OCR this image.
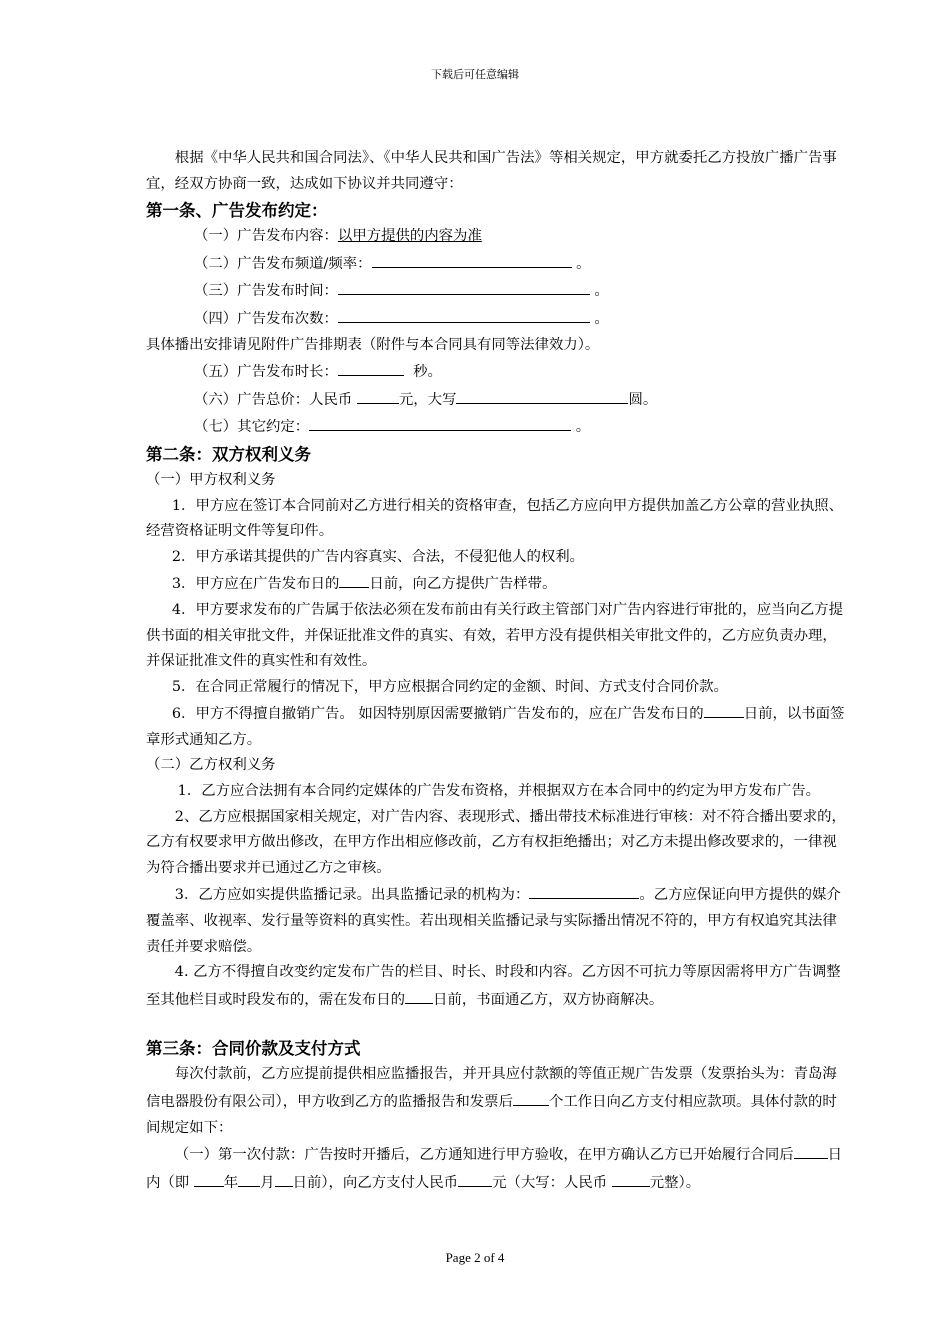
下载后可任意编辑

根据《中华人民共和国合同法》、《中华人民共和国广告法》等相关规定，甲方就委托乙方投放广播广告事宜，经双方协商一致，达成如下协议并共同遵守：

第一条、广告发布约定：

（一）广告发布内容：以甲方提供的内容为准

（二）广告发布频道/频率：	。

（三）广告发布时间：	。

（四）广告发布次数：	。

具体播出安排请见附件广告排期表（附件与本合同具有同等法律效力）。

（五）广告发布时长：	秒。

（六）广告总价：人民币	元，大写	圆。

（七）其它约定：	。

第二条：双方权利义务

（一）甲方权利义务

1．甲方应在签订本合同前对乙方进行相关的资格审查，包括乙方应向甲方提供加盖乙方公章的营业执照、经营资格证明文件等复印件。

2．甲方承诺其提供的广告内容真实、合法，不侵犯他人的权利。

3．甲方应在广告发布日的 日前，向乙方提供广告样带。

4．甲方要求发布的广告属于依法必须在发布前由有关行政主管部门对广告内容进行审批的，应当向乙方提供书面的相关审批文件，并保证批准文件的真实、有效，若甲方没有提供相关审批文件的，乙方应负责办理，并保证批准文件的真实性和有效性。

5．在合同正常履行的情况下，甲方应根据合同约定的金额、时间、方式支付合同价款。

6．甲方不得擅自撤销广告。 如因特别原因需要撤销广告发布的，应在广告发布日的	日前，以书面签章形式通知乙方。

（二）乙方权利义务

1．乙方应合法拥有本合同约定媒体的广告发布资格，并根据双方在本合同中的约定为甲方发布广告。

2、乙方应根据国家相关规定，对广告内容、表现形式、播出带技术标准进行审核：对不符合播出要求的，乙方有权要求甲方做出修改，在甲方作出相应修改前，乙方有权拒绝播出；对乙方未提出修改要求的，一律视为符合播出要求并已通过乙方之审核。

3．乙方应如实提供监播记录。出具监播记录的机构为：	。乙方应保证向甲方提供的媒介覆盖率、收视率、发行量等资料的真实性。若出现相关监播记录与实际播出情况不符的，甲方有权追究其法律责任并要求赔偿。

4. 乙方不得擅自改变约定发布广告的栏目、时长、时段和内容。乙方因不可抗力等原因需将甲方广告调整至其他栏目或时段发布的，需在发布日的 日前，书面通乙方，双方协商解决。

第三条：合同价款及支付方式

每次付款前，乙方应提前提供相应监播报告，并开具应付款额的等值正规广告发票（发票抬头为：青岛海信电器股份有限公司），甲方收到乙方的监播报告和发票后	个工作日向乙方支付相应款项。具体付款的时间规定如下：

（一）第一次付款：广告按时开播后，乙方通知进行甲方验收，在甲方确认乙方已开始履行合同后 日内（即 年 月 日前），向乙方支付人民币 元（大写：人民币	元整）。

Page 2 of 4
